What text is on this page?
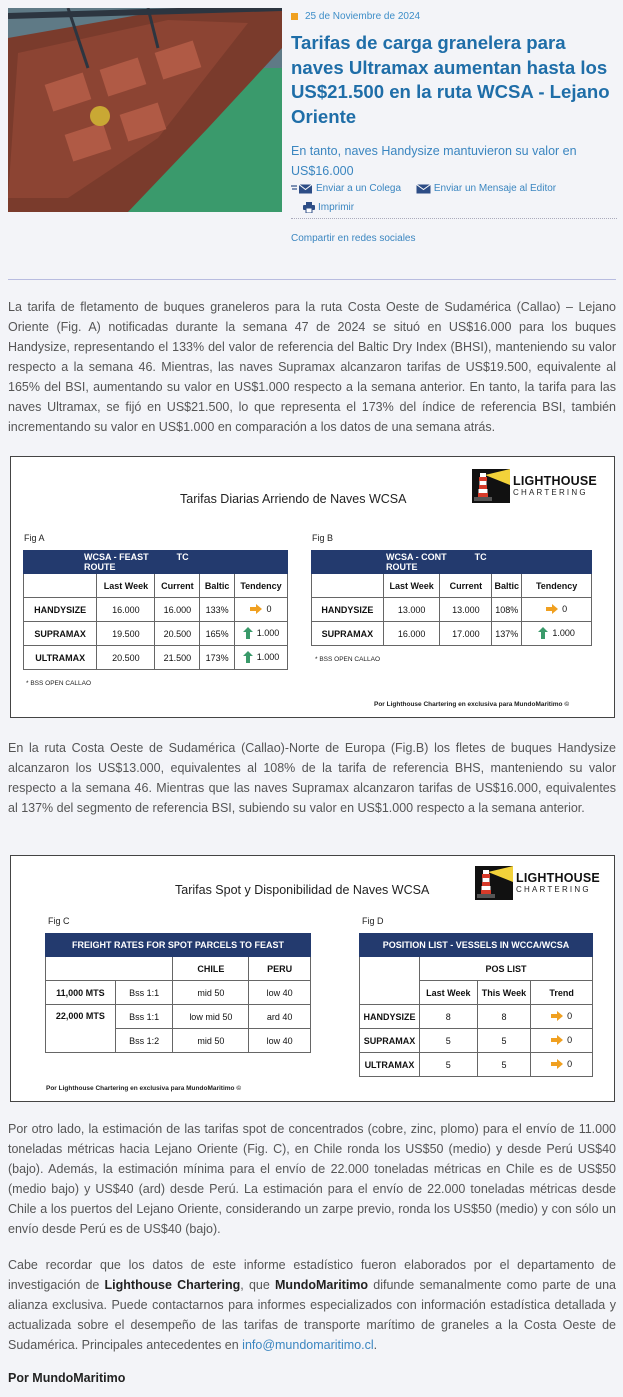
25 de Noviembre de 2024
Tarifas de carga granelera para naves Ultramax aumentan hasta los US$21.500 en la ruta WCSA - Lejano Oriente
En tanto, naves Handysize mantuvieron su valor en US$16.000
Enviar a un Colega
	Enviar un Mensaje al Editor
Imprimir
Compartir en redes sociales

La tarifa de fletamento de buques graneleros para la ruta Costa Oeste de Sudamérica (Callao) – Lejano Oriente (Fig. A) notificadas durante la semana 47 de 2024 se situó en US$16.000 para los buques Handysize, representando el 133% del valor de referencia del Baltic Dry Index (BHSI), manteniendo su valor respecto a la semana 46. Mientras, las naves Supramax alcanzaron tarifas de US$19.500, equivalente al 165% del BSI, aumentando su valor en US$1.000 respecto a la semana anterior. En tanto, la tarifa para las naves Ultramax, se fijó en US$21.500, lo que representa el 173% del índice de referencia BSI, también incrementando su valor en US$1.000 en comparación a los datos de una semana atrás.

Tarifas Diarias Arriendo de Naves WCSA
LIGHTHOUSE
CHARTERING
Fig A
WCSA - FEAST TC ROUTE				
	Last Week	Current	Baltic	Tendency
HANDYSIZE	16.000	16.000	133%	0

SUPRAMAX	19.500	20.500	165%	1.000

ULTRAMAX	20.500	21.500	173%	1.000
* BSS OPEN CALLAO
Fig B
WCSA - CONT TC ROUTE				
	Last Week	Current	Baltic	Tendency
HANDYSIZE	13.000	13.000	108%	0

SUPRAMAX	16.000	17.000	137%	1.000
* BSS OPEN CALLAO
Por Lighthouse Chartering en exclusiva para MundoMaritimo ©

En la ruta Costa Oeste de Sudamérica (Callao)-Norte de Europa (Fig.B) los fletes de buques Handysize alcanzaron los US$13.000, equivalentes al 108% de la tarifa de referencia BHS, manteniendo su valor respecto a la semana 46. Mientras que las naves Supramax alcanzaron tarifas de US$16.000, equivalentes al 137% del segmento de referencia BSI, subiendo su valor en US$1.000 respecto a la semana anterior.

Tarifas Spot y Disponibilidad de Naves WCSA
LIGHTHOUSE
CHARTERING
Fig C
FREIGHT RATES FOR SPOT PARCELS TO FEAST			
		CHILE	PERU
11,000 MTS	Bss 1:1	mid 50	low 40
22,000 MTS	Bss 1:1	low mid 50	ard 40
	Bss 1:2	mid 50	low 40
Fig D
POSITION LIST - VESSELS IN WCCA/WCSA			
	POS LIST		
	Last Week	This Week	Trend
HANDYSIZE	8	8	0

SUPRAMAX	5	5	0

ULTRAMAX	5	5	0
Por Lighthouse Chartering en exclusiva para MundoMaritimo ©

Por otro lado, la estimación de las tarifas spot de concentrados (cobre, zinc, plomo) para el envío de 11.000 toneladas métricas hacia Lejano Oriente (Fig. C), en Chile ronda los US$50 (medio) y desde Perú US$40 (bajo). Además, la estimación mínima para el envío de 22.000 toneladas métricas en Chile es de US$50 (medio bajo) y US$40 (ard) desde Perú. La estimación para el envío de 22.000 toneladas métricas desde Chile a los puertos del Lejano Oriente, considerando un zarpe previo, ronda los US$50 (medio) y con sólo un envío desde Perú es de US$40 (bajo).

Cabe recordar que los datos de este informe estadístico fueron elaborados por el departamento de investigación de Lighthouse Chartering, que MundoMaritimo difunde semanalmente como parte de una alianza exclusiva. Puede contactarnos para informes especializados con información estadística detallada y actualizada sobre el desempeño de las tarifas de transporte marítimo de graneles a la Costa Oeste de Sudamérica. Principales antecedentes en info@mundomaritimo.cl.

Por MundoMaritimo
